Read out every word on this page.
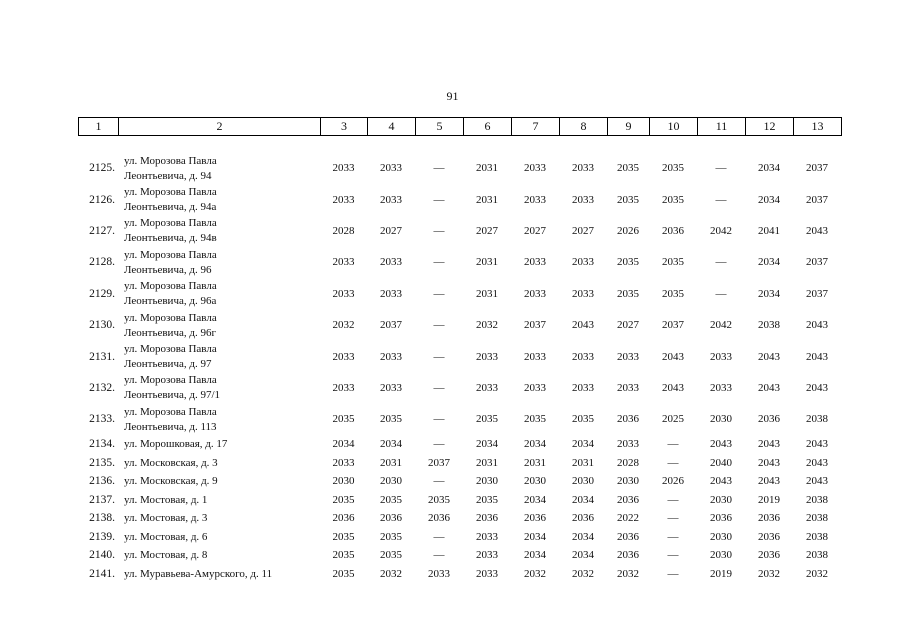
91
1	2	3	4	5	6	7	8	9	10	11	12	13
2125.	ул. Морозова Павла
Леонтьевича, д. 94	2033	2033	—	2031	2033	2033	2035	2035	—	2034	2037
2126.	ул. Морозова Павла
Леонтьевича, д. 94а	2033	2033	—	2031	2033	2033	2035	2035	—	2034	2037
2127.	ул. Морозова Павла
Леонтьевича, д. 94в	2028	2027	—	2027	2027	2027	2026	2036	2042	2041	2043
2128.	ул. Морозова Павла
Леонтьевича, д. 96	2033	2033	—	2031	2033	2033	2035	2035	—	2034	2037
2129.	ул. Морозова Павла
Леонтьевича, д. 96а	2033	2033	—	2031	2033	2033	2035	2035	—	2034	2037
2130.	ул. Морозова Павла
Леонтьевича, д. 96г	2032	2037	—	2032	2037	2043	2027	2037	2042	2038	2043
2131.	ул. Морозова Павла
Леонтьевича, д. 97	2033	2033	—	2033	2033	2033	2033	2043	2033	2043	2043
2132.	ул. Морозова Павла
Леонтьевича, д. 97/1	2033	2033	—	2033	2033	2033	2033	2043	2033	2043	2043
2133.	ул. Морозова Павла
Леонтьевича, д. 113	2035	2035	—	2035	2035	2035	2036	2025	2030	2036	2038
2134.	ул. Морошковая, д. 17	2034	2034	—	2034	2034	2034	2033	—	2043	2043	2043
2135.	ул. Московская, д. 3	2033	2031	2037	2031	2031	2031	2028	—	2040	2043	2043
2136.	ул. Московская, д. 9	2030	2030	—	2030	2030	2030	2030	2026	2043	2043	2043
2137.	ул. Мостовая, д. 1	2035	2035	2035	2035	2034	2034	2036	—	2030	2019	2038
2138.	ул. Мостовая, д. 3	2036	2036	2036	2036	2036	2036	2022	—	2036	2036	2038
2139.	ул. Мостовая, д. 6	2035	2035	—	2033	2034	2034	2036	—	2030	2036	2038
2140.	ул. Мостовая, д. 8	2035	2035	—	2033	2034	2034	2036	—	2030	2036	2038
2141.	ул. Муравьева-Амурского, д. 11	2035	2032	2033	2033	2032	2032	2032	—	2019	2032	2032
